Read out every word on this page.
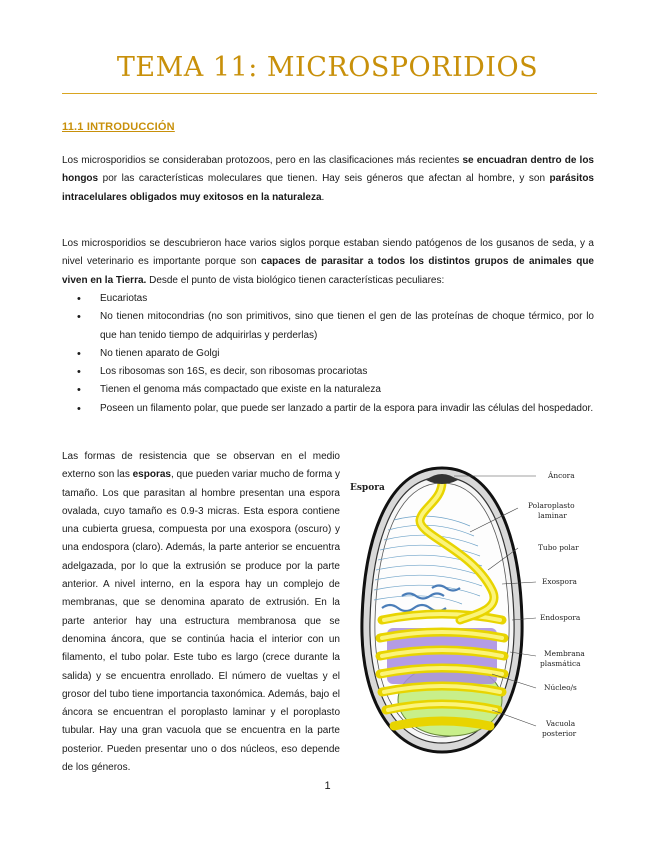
TEMA 11: MICROSPORIDIOS
11.1 INTRODUCCIÓN

Los microsporidios se consideraban protozoos, pero en las clasificaciones más recientes se encuadran dentro de los hongos por las características moleculares que tienen. Hay seis géneros que afectan al hombre, y son parásitos intracelulares obligados muy exitosos en la naturaleza.

Los microsporidios se descubrieron hace varios siglos porque estaban siendo patógenos de los gusanos de seda, y a nivel veterinario es importante porque son capaces de parasitar a todos los distintos grupos de animales que viven en la Tierra. Desde el punto de vista biológico tienen características peculiares:

• Eucariotas
• No tienen mitocondrias (no son primitivos, sino que tienen el gen de las proteínas de choque térmico, por lo que han tenido tiempo de adquirirlas y perderlas)
• No tienen aparato de Golgi
• Los ribosomas son 16S, es decir, son ribosomas procariotas
• Tienen el genoma más compactado que existe en la naturaleza
• Poseen un filamento polar, que puede ser lanzado a partir de la espora para invadir las células del hospedador.

Las formas de resistencia que se observan en el medio externo son las esporas, que pueden variar mucho de forma y tamaño. Los que parasitan al hombre presentan una espora ovalada, cuyo tamaño es 0.9-3 micras. Esta espora contiene una cubierta gruesa, compuesta por una exospora (oscuro) y una endospora (claro). Además, la parte anterior se encuentra adelgazada, por lo que la extrusión se produce por la parte anterior. A nivel interno, en la espora hay un complejo de membranas, que se denomina aparato de extrusión. En la parte anterior hay una estructura membranosa que se denomina áncora, que se continúa hacia el interior con un filamento, el tubo polar. Este tubo es largo (crece durante la salida) y se encuentra enrollado. El número de vueltas y el grosor del tubo tiene importancia taxonómica. Además, bajo el áncora se encuentran el poroplasto laminar y el poroplasto tubular. Hay una gran vacuola que se encuentra en la parte posterior. Pueden presentar uno o dos núcleos, eso depende de los géneros.

Espora
Áncora
Polaroplasto
laminar
Tubo polar
Exospora
Endospora
Membrana
plasmática
Núcleo/s
Vacuola
posterior
1
